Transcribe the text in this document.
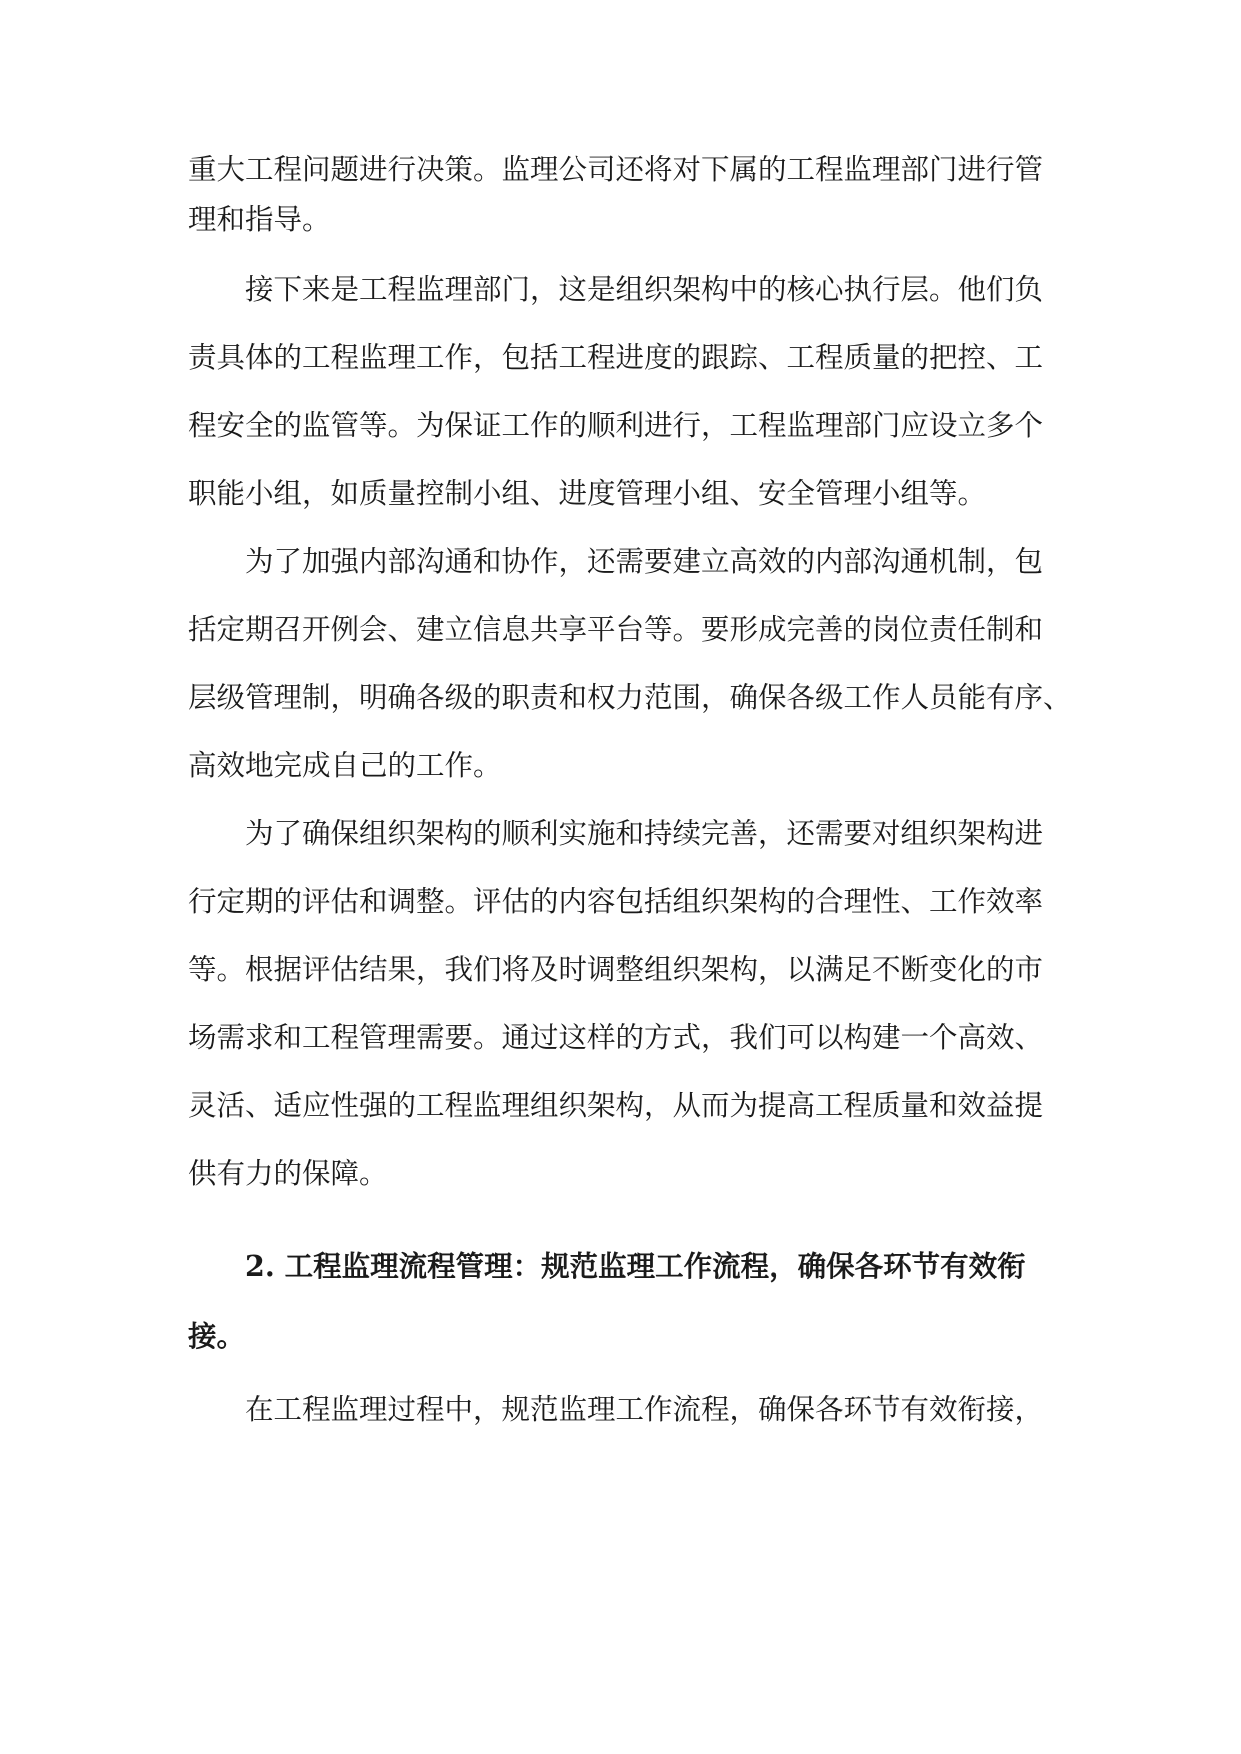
重大工程问题进行决策。监理公司还将对下属的工程监理部门进行管
理和指导。
接下来是工程监理部门，这是组织架构中的核心执行层。他们负
责具体的工程监理工作，包括工程进度的跟踪、工程质量的把控、工
程安全的监管等。为保证工作的顺利进行，工程监理部门应设立多个
职能小组，如质量控制小组、进度管理小组、安全管理小组等。
为了加强内部沟通和协作，还需要建立高效的内部沟通机制，包
括定期召开例会、建立信息共享平台等。要形成完善的岗位责任制和
层级管理制，明确各级的职责和权力范围，确保各级工作人员能有序、
高效地完成自己的工作。
为了确保组织架构的顺利实施和持续完善，还需要对组织架构进
行定期的评估和调整。评估的内容包括组织架构的合理性、工作效率
等。根据评估结果，我们将及时调整组织架构，以满足不断变化的市
场需求和工程管理需要。通过这样的方式，我们可以构建一个高效、
灵活、适应性强的工程监理组织架构，从而为提高工程质量和效益提
供有力的保障。
2. 工程监理流程管理：规范监理工作流程，确保各环节有效衔
接。
在工程监理过程中，规范监理工作流程，确保各环节有效衔接，
